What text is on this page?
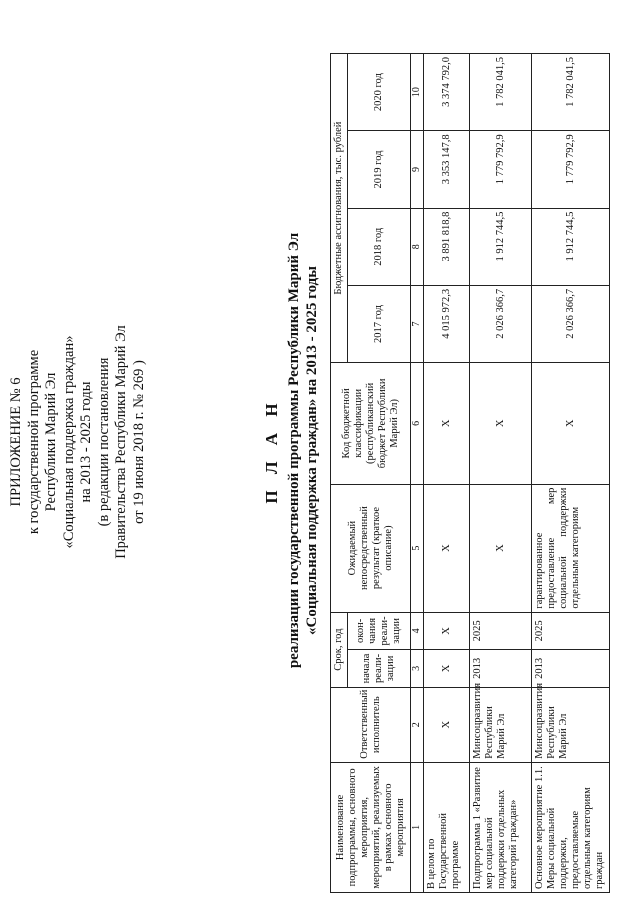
ПРИЛОЖЕНИЕ № 6 к государственной программе Республики Марий Эл «Социальная поддержка граждан» на 2013 - 2025 годы (в редакции постановления Правительства Республики Марий Эл от 19 июня 2018 г. № 269 )	П Л А Н реализации государственной программы Республики Марий Эл «Социальная поддержка граждан» на 2013 - 2025 годы
Наименование подпрограммы, основного мероприятия, мероприятий, реализуемых в рамках основного мероприятия	Ответственный исполнитель	Срок, год		Ожидаемый непосредственный результат (краткое описание)	Код бюджетной классификации (республиканский бюджет Республики Марий Эл)	Бюджетные ассигнования, тыс. рублей			
		начала реали-зации	окон-чания реали-зации			2017 год	2018 год	2019 год	2020 год
1	2	3	4	5	6	7	8	9	10
В целом по Государственной программе	Х	Х	Х	Х	Х	4 015 972,3	3 891 818,8	3 353 147,8	3 374 792,0
Подпрограмма 1 «Развитие мер социальной поддержки отдельных категорий граждан»	Минсоцразвития Республики Марий Эл	2013	2025	Х	Х	2 026 366,7	1 912 744,5	1 779 792,9	1 782 041,5
Основное мероприятие 1.1. Меры социальной поддержки, предоставляемые отдельным категориям граждан	Минсоцразвития Республики Марий Эл	2013	2025	гарантированное предоставление мер социальной поддержки отдельным категориям	Х	2 026 366,7	1 912 744,5	1 779 792,9	1 782 041,5
